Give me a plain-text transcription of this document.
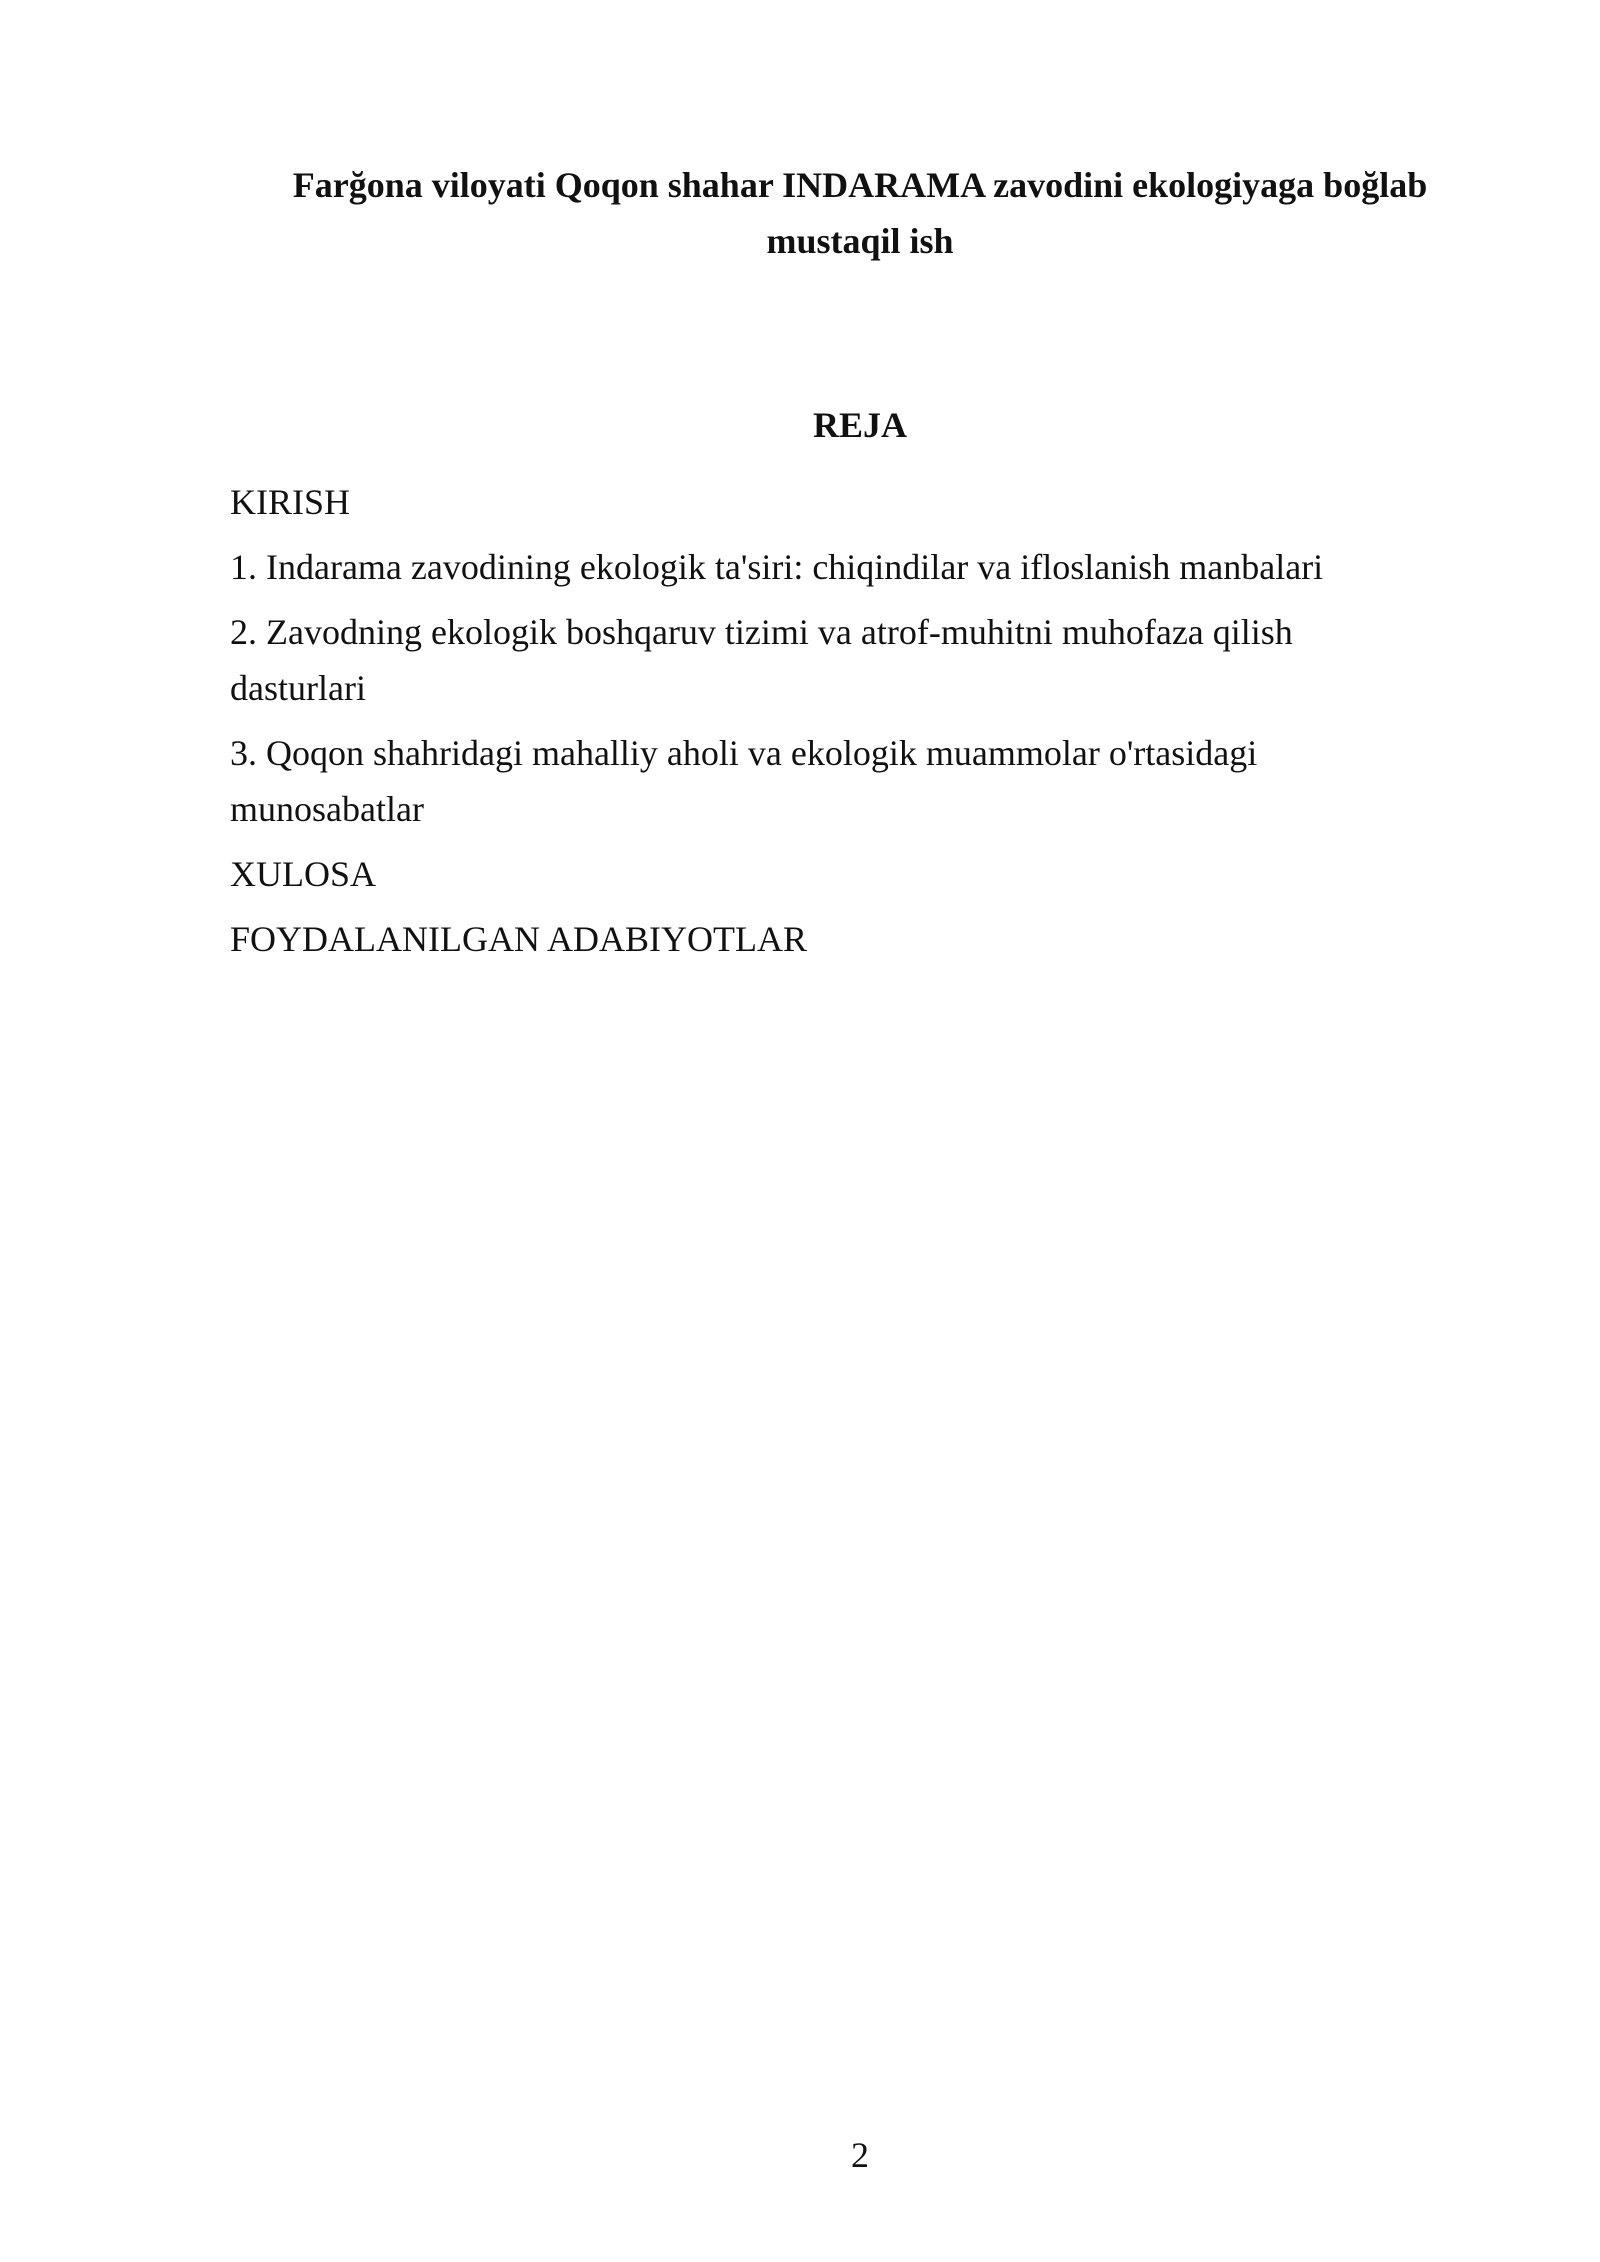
Farğona viloyati Qoqon shahar INDARAMA zavodini ekologiyaga boğlab
mustaqil ish
REJA
KIRISH
1. Indarama zavodining ekologik ta'siri: chiqindilar va ifloslanish manbalari
2. Zavodning ekologik boshqaruv tizimi va atrof-muhitni muhofaza qilish dasturlari
3. Qoqon shahridagi mahalliy aholi va ekologik muammolar o'rtasidagi munosabatlar
XULOSA
FOYDALANILGAN ADABIYOTLAR
2
